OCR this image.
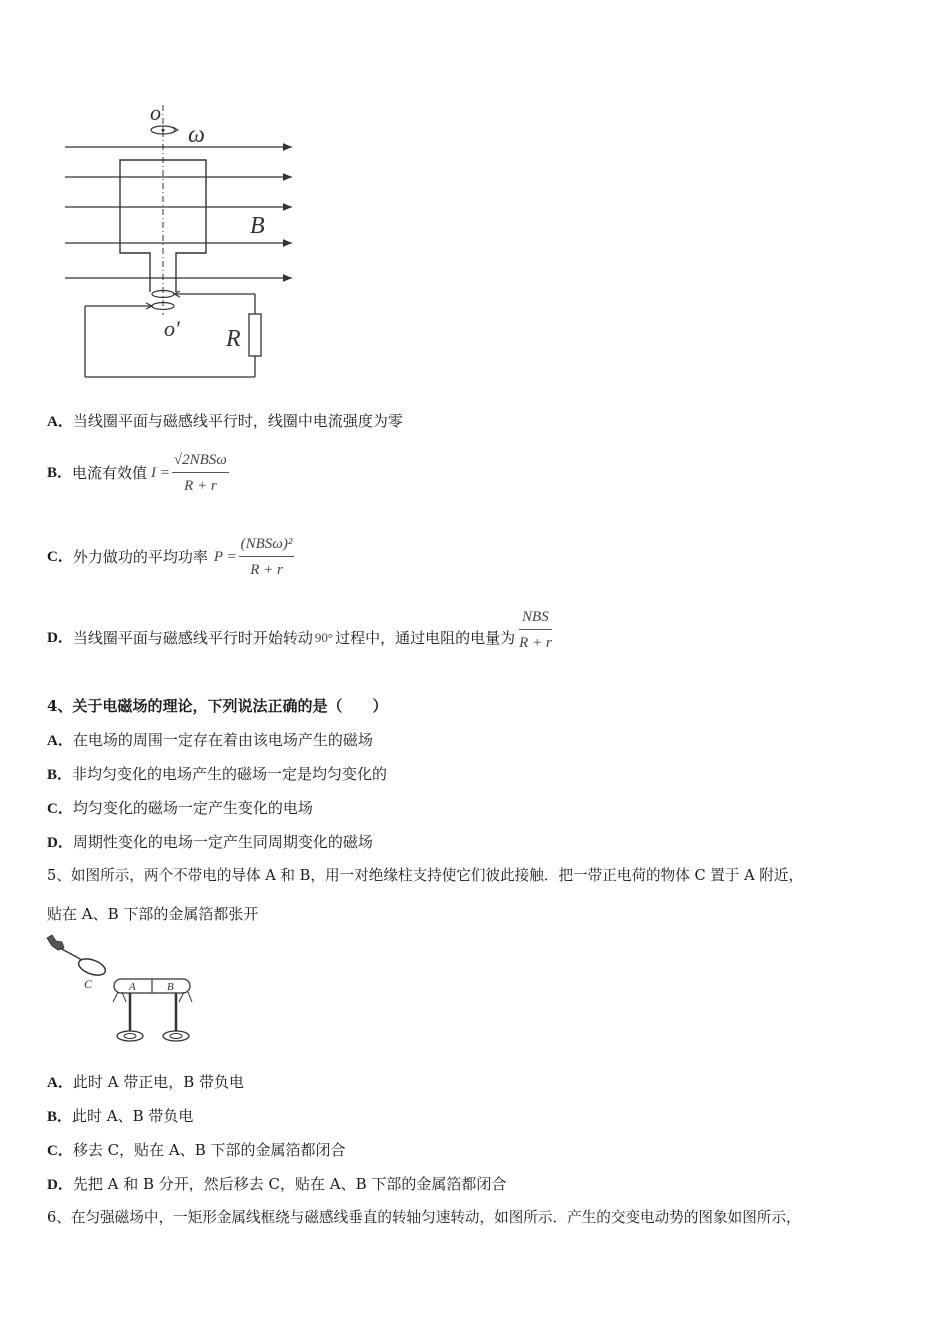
o
ω
B
o′ R
A．当线圈平面与磁感线平行时，线圈中电流强度为零
B． 电流有效值 $I = \frac{\text{√2NBSω}}{R + r}$
C． 外力做功的平均功率 $P = \frac{\text{(NBSω)²}}{R + r}$
D． 当线圈平面与磁感线平行时开始转动 90° 过程中，通过电阻的电量为 $\frac{\text{NBS}}{R + r}$
4、关于电磁场的理论，下列说法正确的是（　　）
A．在电场的周围一定存在着由该电场产生的磁场
B．非均匀变化的电场产生的磁场一定是均匀变化的
C．均匀变化的磁场一定产生变化的电场
D．周期性变化的电场一定产生同周期变化的磁场
5、如图所示，两个不带电的导体 A 和 B，用一对绝缘柱支持使它们彼此接触．把一带正电荷的物体 C 置于 A 附近，
贴在 A、B 下部的金属箔都张开
C	A	B
A．此时 A 带正电，B 带负电
B．此时 A、B 带负电
C．移去 C，贴在 A、B 下部的金属箔都闭合
D．先把 A 和 B 分开，然后移去 C，贴在 A、B 下部的金属箔都闭合
6、在匀强磁场中，一矩形金属线框绕与磁感线垂直的转轴匀速转动，如图所示．产生的交变电动势的图象如图所示，
